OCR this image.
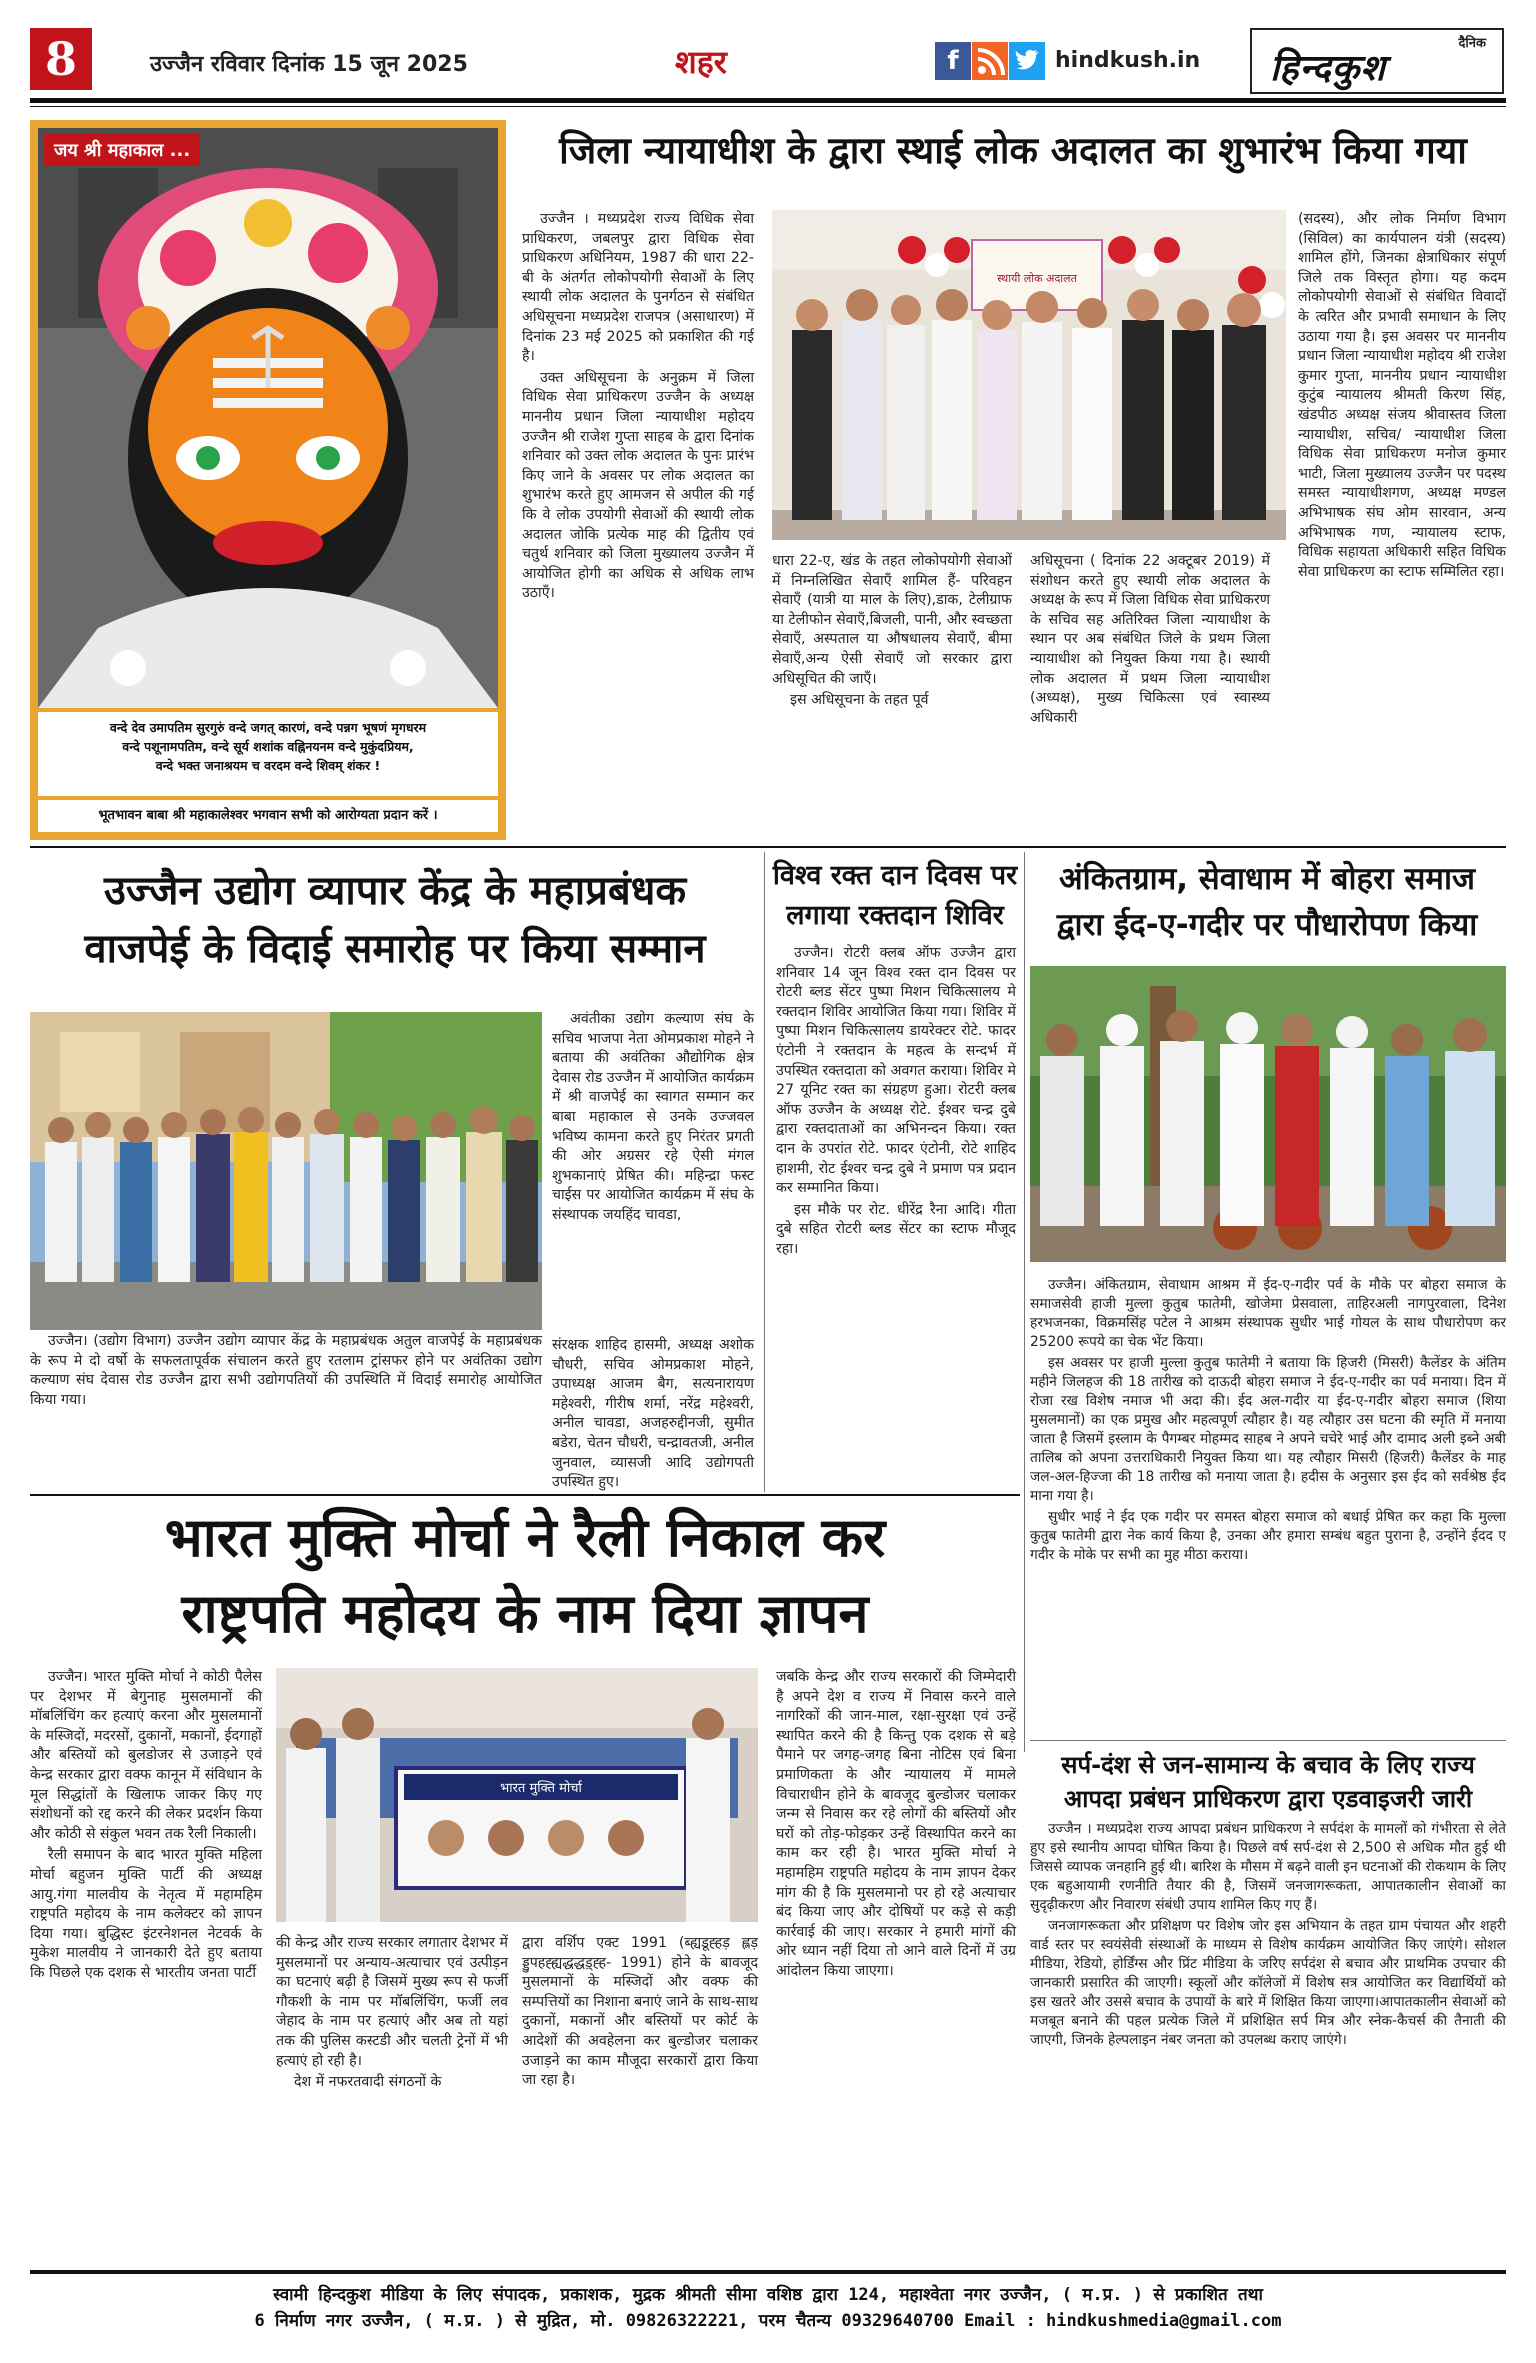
8	उज्जैन रविवार दिनांक 15 जून 2025	शहर	f	hindkush.in
दैनिक
हिन्दकुश
जय श्री महाकाल ...
वन्दे देव उमापतिम सुरगुरुं वन्दे जगत् कारणं, वन्दे पन्नग भूषणं मृगधरम
वन्दे पशूनामपतिम, वन्दे सूर्य शशांक वह्निनयनम वन्दे मुकुंदप्रियम,
वन्दे भक्त जनाश्रयम च वरदम वन्दे शिवम् शंकर !
भूतभावन बाबा श्री महाकालेश्वर भगवान सभी को आरोग्यता प्रदान करें ।
जिला न्यायाधीश के द्वारा स्थाई लोक अदालत का शुभारंभ किया गया

उज्जैन । मध्यप्रदेश राज्य विधिक सेवा प्राधिकरण, जबलपुर द्वारा विधिक सेवा प्राधिकरण अधिनियम, 1987 की धारा 22-बी के अंतर्गत लोकोपयोगी सेवाओं के लिए स्थायी लोक अदालत के पुनर्गठन से संबंधित अधिसूचना मध्यप्रदेश राजपत्र (असाधारण) में दिनांक 23 मई 2025 को प्रकाशित की गई है।

उक्त अधिसूचना के अनुक्रम में जिला विधिक सेवा प्राधिकरण उज्जैन के अध्यक्ष माननीय प्रधान जिला न्यायाधीश महोदय उज्जैन श्री राजेश गुप्ता साहब के द्वारा दिनांक शनिवार को उक्त लोक अदालत के पुनः प्रारंभ किए जाने के अवसर पर लोक अदालत का शुभारंभ करते हुए आमजन से अपील की गई कि वे लोक उपयोगी सेवाओं की स्थायी लोक अदालत जोकि प्रत्येक माह की द्वितीय एवं चतुर्थ शनिवार को जिला मुख्यालय उज्जैन में आयोजित होगी का अधिक से अधिक लाभ उठाएँ।

स्थायी लोक अदालत

धारा 22-ए, खंड के तहत लोकोपयोगी सेवाओं में निम्नलिखित सेवाएँ शामिल हैं- परिवहन सेवाएँ (यात्री या माल के लिए),डाक, टेलीग्राफ या टेलीफोन सेवाएँ,बिजली, पानी, और स्वच्छता सेवाएँ, अस्पताल या औषधालय सेवाएँ, बीमा सेवाएँ,अन्य ऐसी सेवाएँ जो सरकार द्वारा अधिसूचित की जाएँ।

इस अधिसूचना के तहत पूर्व

अधिसूचना ( दिनांक 22 अक्टूबर 2019) में संशोधन करते हुए स्थायी लोक अदालत के अध्यक्ष के रूप में जिला विधिक सेवा प्राधिकरण के सचिव सह अतिरिक्त जिला न्यायाधीश के स्थान पर अब संबंधित जिले के प्रथम जिला न्यायाधीश को नियुक्त किया गया है। स्थायी लोक अदालत में प्रथम जिला न्यायाधीश (अध्यक्ष), मुख्य चिकित्सा एवं स्वास्थ्य अधिकारी

(सदस्य), और लोक निर्माण विभाग (सिविल) का कार्यपालन यंत्री (सदस्य) शामिल होंगे, जिनका क्षेत्राधिकार संपूर्ण जिले तक विस्तृत होगा। यह कदम लोकोपयोगी सेवाओं से संबंधित विवादों के त्वरित और प्रभावी समाधान के लिए उठाया गया है। इस अवसर पर माननीय प्रधान जिला न्यायाधीश महोदय श्री राजेश कुमार गुप्ता, माननीय प्रधान न्यायाधीश कुटुंब न्यायालय श्रीमती किरण सिंह, खंडपीठ अध्यक्ष संजय श्रीवास्तव जिला न्यायाधीश, सचिव/ न्यायाधीश जिला विधिक सेवा प्राधिकरण मनोज कुमार भाटी, जिला मुख्यालय उज्जैन पर पदस्थ समस्त न्यायाधीशगण, अध्यक्ष मण्डल अभिभाषक संघ ओम सारवान, अन्य अभिभाषक गण, न्यायालय स्टाफ, विधिक सहायता अधिकारी सहित विधिक सेवा प्राधिकरण का स्टाफ सम्मिलित रहा।

उज्जैन उद्योग व्यापार केंद्र के महाप्रबंधक
वाजपेई के विदाई समारोह पर किया सम्मान

अवंतीका उद्योग कल्याण संघ के सचिव भाजपा नेता ओमप्रकाश मोहने ने बताया की अवंतिका औद्योगिक क्षेत्र देवास रोड उज्जैन में आयोजित कार्यक्रम में श्री वाजपेई का स्वागत सम्मान कर बाबा महाकाल से उनके उज्जवल भविष्य कामना करते हुए निरंतर प्रगती की ओर अग्रसर रहे ऐसी मंगल शुभकानाएं प्रेषित की। महिन्द्रा फस्ट चाईस पर आयोजित कार्यक्रम में संघ के संस्थापक जयहिंद चावडा,

उज्जैन। (उद्योग विभाग) उज्जैन उद्योग व्यापार केंद्र के महाप्रबंधक अतुल वाजपेई के महाप्रबंधक के रूप मे दो वर्षो के सफलतापूर्वक संचालन करते हुए रतलाम ट्रांसफर होने पर अवंतिका उद्योग कल्याण संघ देवास रोड उज्जैन द्वारा सभी उद्योगपतियों की उपस्थिति में विदाई समारोह आयोजित किया गया।

संरक्षक शाहिद हासमी, अध्यक्ष अशोक चौधरी, सचिव ओमप्रकाश मोहने, उपाध्यक्ष आजम बैग, सत्यनारायण महेश्वरी, गीरीष शर्मा, नरेंद्र महेश्वरी, अनील चावडा, अजहरुद्दीनजी, सुमीत बडेरा, चेतन चौधरी, चन्द्रावतजी, अनील जुनवाल, व्यासजी आदि उद्योगपती उपस्थित हुए।

विश्व रक्त दान दिवस पर
लगाया रक्तदान शिविर

उज्जैन। रोटरी क्लब ऑफ उज्जैन द्वारा शनिवार 14 जून विश्व रक्त दान दिवस पर रोटरी ब्लड सेंटर पुष्पा मिशन चिकित्सालय मे रक्तदान शिविर आयोजित किया गया। शिविर में पुष्पा मिशन चिकित्सालय डायरेक्टर रोटे. फादर एंटोनी ने रक्तदान के महत्व के सन्दर्भ में उपस्थित रक्तदाता को अवगत कराया। शिविर मे 27 यूनिट रक्त का संग्रहण हुआ। रोटरी क्लब ऑफ उज्जैन के अध्यक्ष रोटे. ईश्वर चन्द्र दुबे द्वारा रक्तदाताओं का अभिनन्दन किया। रक्त दान के उपरांत रोटे. फादर एंटोनी, रोटे शाहिद हाशमी, रोट ईश्वर चन्द्र दुबे ने प्रमाण पत्र प्रदान कर सम्मानित किया।

इस मौके पर रोट. धीरेंद्र रैना आदि। गीता दुबे सहित रोटरी ब्लड सेंटर का स्टाफ मौजूद रहा।

अंकितग्राम, सेवाधाम में बोहरा समाज
द्वारा ईद-ए-गदीर पर पौधारोपण किया

उज्जैन। अंकितग्राम, सेवाधाम आश्रम में ईद-ए-गदीर पर्व के मौके पर बोहरा समाज के समाजसेवी हाजी मुल्ला कुतुब फातेमी, खोजेमा प्रेसवाला, ताहिरअली नागपुरवाला, दिनेश हरभजनका, विक्रमसिंह पटेल ने आश्रम संस्थापक सुधीर भाई गोयल के साथ पौधारोपण कर 25200 रूपये का चेक भेंट किया।

इस अवसर पर हाजी मुल्ला कुतुब फातेमी ने बताया कि हिजरी (मिसरी) कैलेंडर के अंतिम महीने जिलहज की 18 तारीख को दाऊदी बोहरा समाज ने ईद-ए-गदीर का पर्व मनाया। दिन में रोजा रख विशेष नमाज भी अदा की। ईद अल-गदीर या ईद-ए-गदीर बोहरा समाज (शिया मुसलमानों) का एक प्रमुख और महत्वपूर्ण त्यौहार है। यह त्यौहार उस घटना की स्मृति में मनाया जाता है जिसमें इस्लाम के पैगम्बर मोहम्मद साहब ने अपने चचेरे भाई और दामाद अली इब्ने अबी तालिब को अपना उत्तराधिकारी नियुक्त किया था। यह त्यौहार मिसरी (हिजरी) कैलेंडर के माह जल-अल-हिज्जा की 18 तारीख को मनाया जाता है। हदीस के अनुसार इस ईद को सर्वश्रेष्ठ ईद माना गया है।

सुधीर भाई ने ईद एक गदीर पर समस्त बोहरा समाज को बधाई प्रेषित कर कहा कि मुल्ला कुतुब फातेमी द्वारा नेक कार्य किया है, उनका और हमारा सम्बंध बहुत पुराना है, उन्होंने ईदद ए गदीर के मोके पर सभी का मुह मीठा कराया।

भारत मुक्ति मोर्चा ने रैली निकाल कर
राष्ट्रपति महोदय के नाम दिया ज्ञापन

उज्जैन। भारत मुक्ति मोर्चा ने कोठी पैलेस पर देशभर में बेगुनाह मुसलमानों की मॉबलिंचिंग कर हत्याएं करना और मुसलमानों के मस्जिदों, मदरसों, दुकानों, मकानों, ईदगाहों और बस्तियों को बुलडोजर से उजाड़ने एवं केन्द्र सरकार द्वारा वक्फ कानून में संविधान के मूल सिद्धांतों के खिलाफ जाकर किए गए संशोधनों को रद्द करने की लेकर प्रदर्शन किया और कोठी से संकुल भवन तक रैली निकाली।

रैली समापन के बाद भारत मुक्ति महिला मोर्चा बहुजन मुक्ति पार्टी की अध्यक्ष आयु.गंगा मालवीय के नेतृत्व में महामहिम राष्ट्रपति महोदय के नाम कलेक्टर को ज्ञापन दिया गया। बुद्धिस्ट इंटरनेशनल नेटवर्क के मुकेश मालवीय ने जानकारी देते हुए बताया कि पिछले एक दशक से भारतीय जनता पार्टी

भारत मुक्ति मोर्चा

की केन्द्र और राज्य सरकार लगातार देशभर में मुसलमानों पर अन्याय-अत्याचार एवं उत्पीड़न का घटनाएं बढ़ी है जिसमें मुख्य रूप से फर्जी गौकशी के नाम पर मॉबलिंचिंग, फर्जी लव जेहाद के नाम पर हत्याएं और अब तो यहां तक की पुलिस कस्टडी और चलती ट्रेनों में भी हत्याएं हो रही है।

देश में नफरतवादी संगठनों के

द्वारा वर्शिप एक्ट 1991 (ब्ह्यडूह्हड़ ह्लड़ ड्डुपहह्ह्यद्धद्धड़्ह्ह- 1991) होने के बावजूद मुसलमानों के मस्जिदों और वक्फ की सम्पत्तियों का निशाना बनाएं जाने के साथ-साथ दुकानों, मकानों और बस्तियों पर कोर्ट के आदेशों की अवहेलना कर बुल्डोजर चलाकर उजाड़ने का काम मौजूदा सरकारों द्वारा किया जा रहा है।

जबकि केन्द्र और राज्य सरकारों की जिम्मेदारी है अपने देश व राज्य में निवास करने वाले नागरिकों की जान-माल, रक्षा-सुरक्षा एवं उन्हें स्थापित करने की है किन्तु एक दशक से बड़े पैमाने पर जगह-जगह बिना नोटिस एवं बिना प्रमाणिकता के और न्यायालय में मामले विचाराधीन होने के बावजूद बुल्डोजर चलाकर जन्म से निवास कर रहे लोगों की बस्तियों और घरों को तोड़-फोड़कर उन्हें विस्थापित करने का काम कर रही है। भारत मुक्ति मोर्चा ने महामहिम राष्ट्रपति महोदय के नाम ज्ञापन देकर मांग की है कि मुसलमानो पर हो रहे अत्याचार बंद किया जाए और दोषियों पर कड़े से कड़ी कार्रवाई की जाए। सरकार ने हमारी मांगों की ओर ध्यान नहीं दिया तो आने वाले दिनों में उग्र आंदोलन किया जाएगा।

सर्प-दंश से जन-सामान्य के बचाव के लिए राज्य
आपदा प्रबंधन प्राधिकरण द्वारा एडवाइजरी जारी

उज्जैन । मध्यप्रदेश राज्य आपदा प्रबंधन प्राधिकरण ने सर्पदंश के मामलों को गंभीरता से लेते हुए इसे स्थानीय आपदा घोषित किया है। पिछले वर्ष सर्प-दंश से 2,500 से अधिक मौत हुई थी जिससे व्यापक जनहानि हुई थी। बारिश के मौसम में बढ़ने वाली इन घटनाओं की रोकथाम के लिए एक बहुआयामी रणनीति तैयार की है, जिसमें जनजागरूकता, आपातकालीन सेवाओं का सुदृढ़ीकरण और निवारण संबंधी उपाय शामिल किए गए हैं।

जनजागरूकता और प्रशिक्षण पर विशेष जोर इस अभियान के तहत ग्राम पंचायत और शहरी वार्ड स्तर पर स्वयंसेवी संस्थाओं के माध्यम से विशेष कार्यक्रम आयोजित किए जाएंगे। सोशल मीडिया, रेडियो, होर्डिंग्स और प्रिंट मीडिया के जरिए सर्पदंश से बचाव और प्राथमिक उपचार की जानकारी प्रसारित की जाएगी। स्कूलों और कॉलेजों में विशेष सत्र आयोजित कर विद्यार्थियों को इस खतरे और उससे बचाव के उपायों के बारे में शिक्षित किया जाएगा।आपातकालीन सेवाओं को मजबूत बनाने की पहल प्रत्येक जिले में प्रशिक्षित सर्प मित्र और स्नेक-कैचर्स की तैनाती की जाएगी, जिनके हेल्पलाइन नंबर जनता को उपलब्ध कराए जाएंगे।

स्वामी हिन्दकुश मीडिया के लिए संपादक, प्रकाशक, मुद्रक श्रीमती सीमा वशिष्ठ द्वारा 124, महाश्वेता नगर उज्जैन, ( म.प्र. ) से प्रकाशित तथा
6 निर्माण नगर उज्जैन, ( म.प्र. ) से मुद्रित, मो. 09826322221, परम चैतन्य 09329640700 Email : hindkushmedia@gmail.com
